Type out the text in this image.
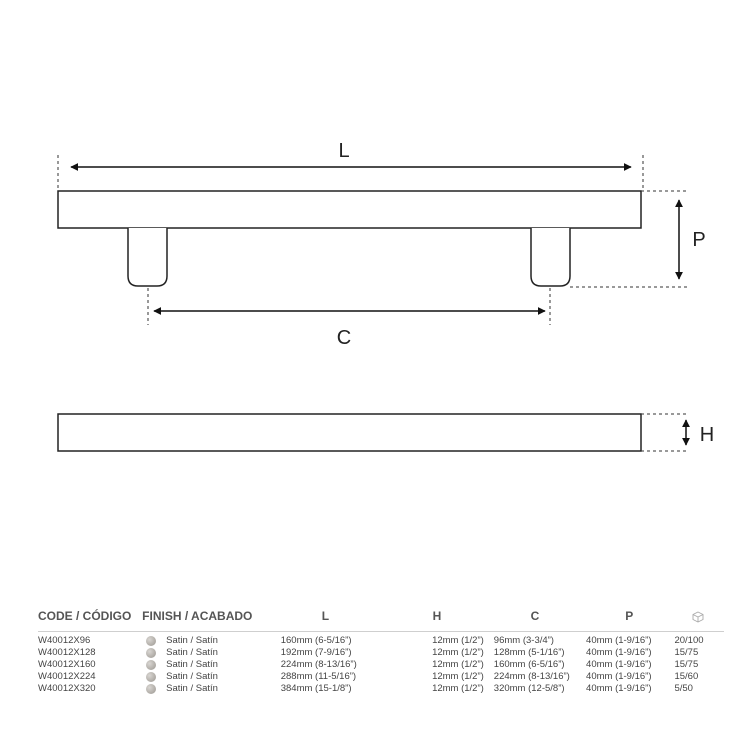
L
C
P
H
CODE / CÓDIGO	FINISH / ACABADO	L	H	C	P	
W40012X96	Satin / Satín	160mm (6-5/16”)	12mm (1/2”)	96mm (3-3/4”)	40mm (1-9/16”)	20/100
W40012X128	Satin / Satín	192mm (7-9/16”)	12mm (1/2”)	128mm (5-1/16”)	40mm (1-9/16”)	15/75
W40012X160	Satin / Satín	224mm (8-13/16”)	12mm (1/2”)	160mm (6-5/16”)	40mm (1-9/16”)	15/75
W40012X224	Satin / Satín	288mm (11-5/16”)	12mm (1/2”)	224mm (8-13/16”)	40mm (1-9/16”)	15/60
W40012X320	Satin / Satín	384mm (15-1/8”)	12mm (1/2”)	320mm (12-5/8”)	40mm (1-9/16”)	5/50
